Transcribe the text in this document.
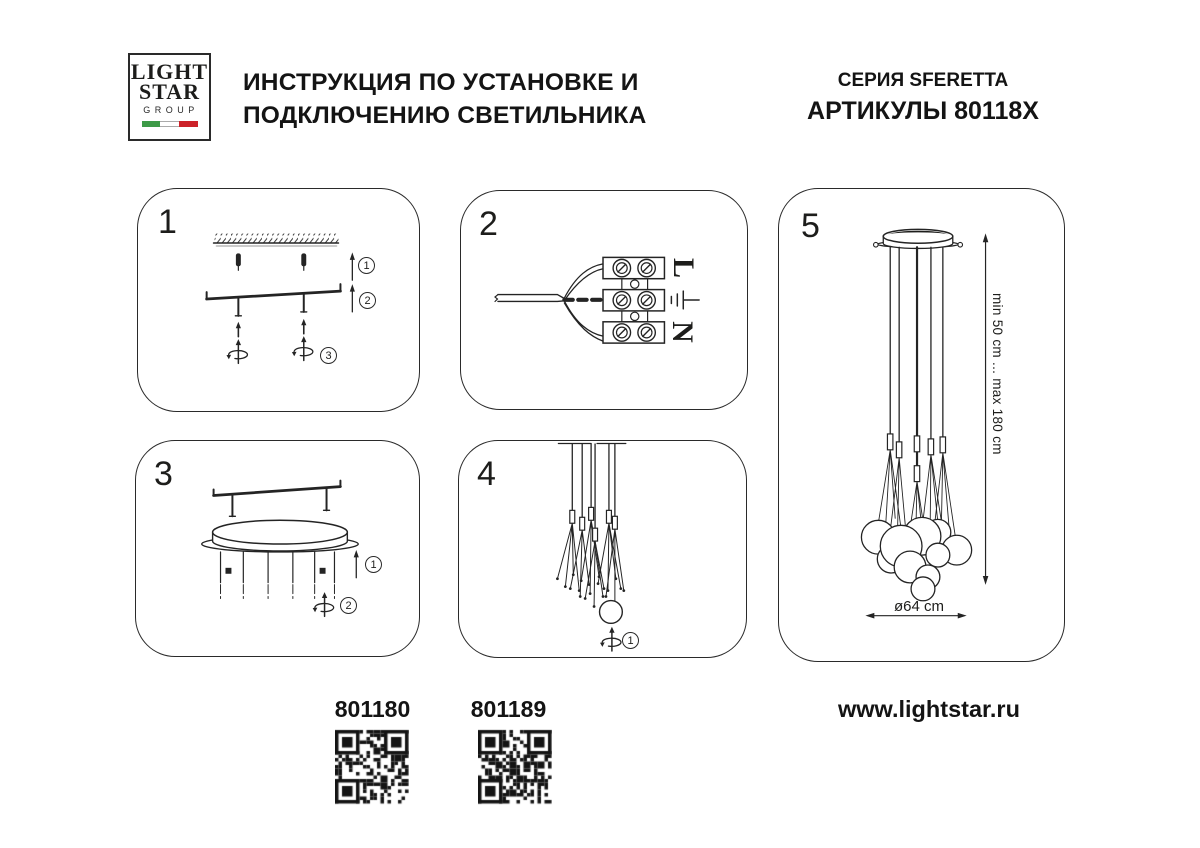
LIGHT
STAR
GROUP
ИНСТРУКЦИЯ ПО УСТАНОВКЕ И
ПОДКЛЮЧЕНИЮ СВЕТИЛЬНИКА
СЕРИЯ SFERETTA
АРТИКУЛЫ 80118X
1	2
L
N
3	4
5
min 50 cm ... max 180 cm
ø64 cm
1
2
3
1
2
1
801180	801189	www.lightstar.ru
